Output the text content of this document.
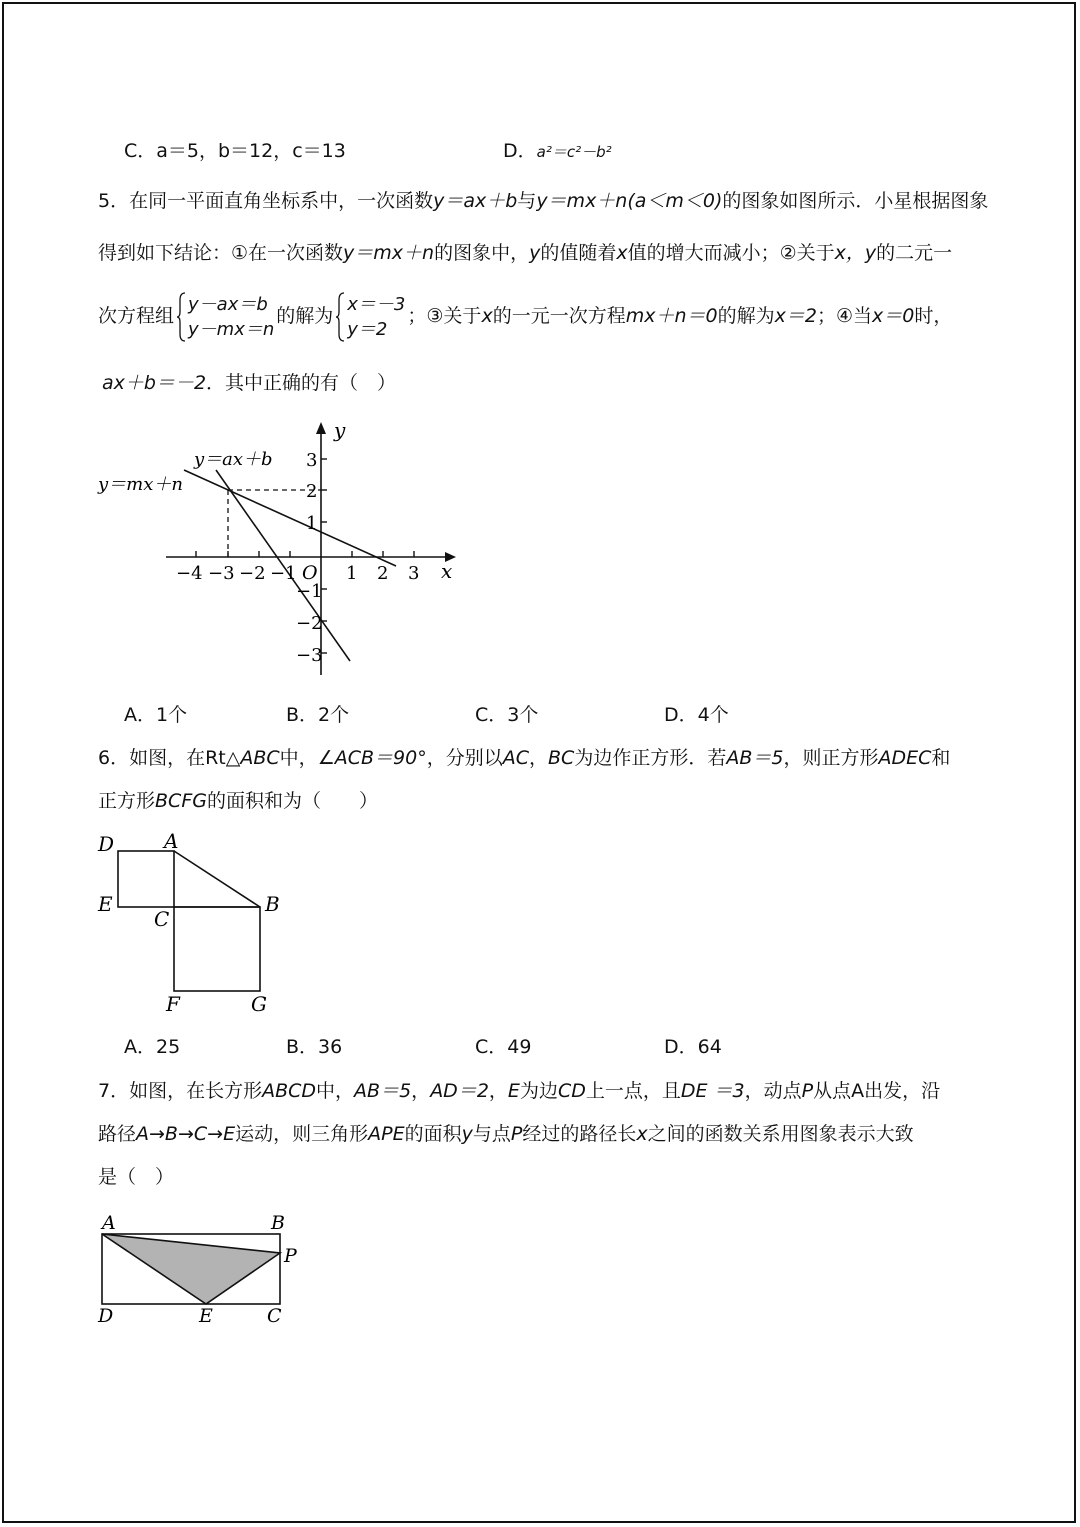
C．a＝5，b＝12，c＝13	D．a²＝c²－b²
5．在同一平面直角坐标系中，一次函数y＝ax＋b与y＝mx＋n(a＜m＜0)的图象如图所示．小星根据图象
得到如下结论：①在一次函数y＝mx＋n的图象中，y的值随着x值的增大而减小；②关于x，y的二元一
次方程组
y－ax＝b
y－mx＝n
的解为
x＝－3
y＝2
；③关于x的一元一次方程mx＋n＝0的解为x＝2；④当x＝0时，
ax＋b＝－2．其中正确的有（　）
y
x
O
y＝ax＋b
y＝mx＋n
−4 −3 −2 −1	1 2 3
3
2
1
−1
−2
−3
A．1个	B．2个	C．3个	D．4个
6．如图，在Rt△ABC中，∠ACB＝90°，分别以AC，BC为边作正方形．若AB＝5，则正方形ADEC和
正方形BCFG的面积和为（　　）
D A
E
C
B
F	G
A．25	B．36	C．49	D．64
7．如图，在长方形ABCD中，AB＝5，AD＝2，E为边CD上一点，且DE ＝3，动点P从点A出发，沿
路径A→B→C→E运动，则三角形APE的面积y与点P经过的路径长x之间的函数关系用图象表示大致
是（　）
A	B
P
D	E	C
